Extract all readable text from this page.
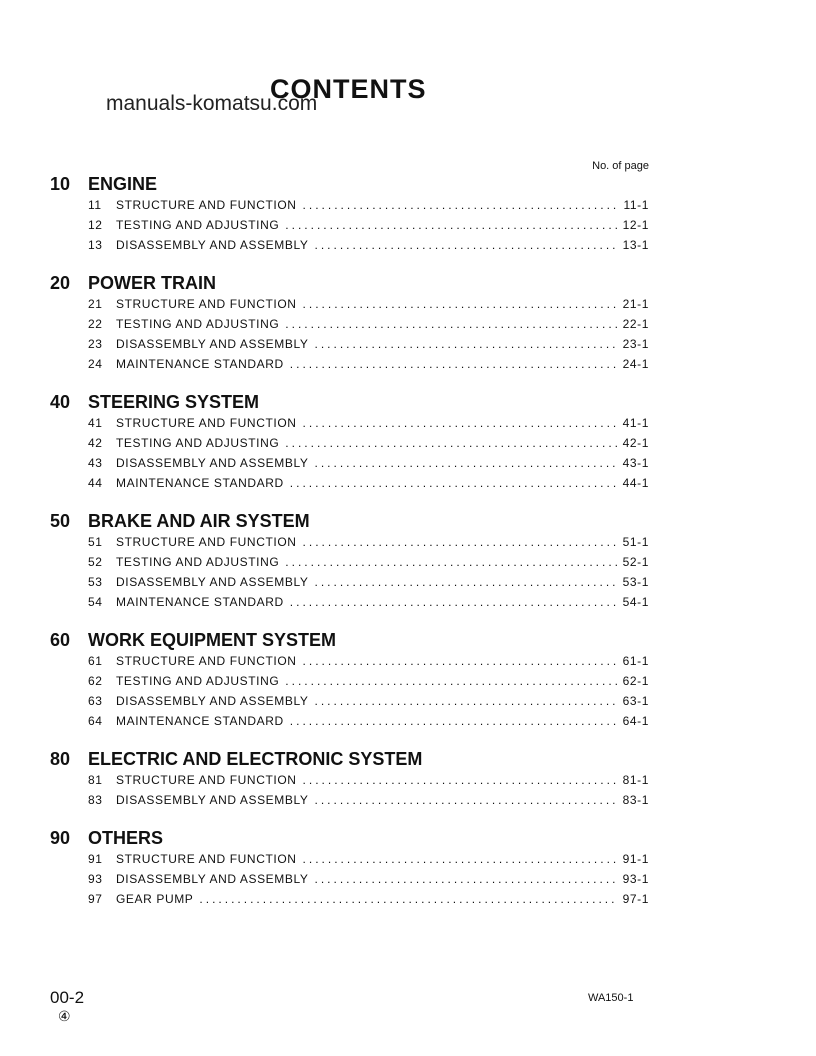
CONTENTS
manuals-komatsu.com
No. of page
10 ENGINE
11	STRUCTURE AND FUNCTION .....	11-1
12	TESTING AND ADJUSTING .....	12-1
13	DISASSEMBLY AND ASSEMBLY .....	13-1
20 POWER TRAIN
21	STRUCTURE AND FUNCTION .....	21-1
22	TESTING AND ADJUSTING .....	22-1
23	DISASSEMBLY AND ASSEMBLY .....	23-1
24	MAINTENANCE STANDARD .....	24-1
40 STEERING SYSTEM
41	STRUCTURE AND FUNCTION .....	41-1
42	TESTING AND ADJUSTING .....	42-1
43	DISASSEMBLY AND ASSEMBLY .....	43-1
44	MAINTENANCE STANDARD .....	44-1
50 BRAKE AND AIR SYSTEM
51	STRUCTURE AND FUNCTION .....	51-1
52	TESTING AND ADJUSTING .....	52-1
53	DISASSEMBLY AND ASSEMBLY .....	53-1
54	MAINTENANCE STANDARD .....	54-1
60 WORK EQUIPMENT SYSTEM
61	STRUCTURE AND FUNCTION .....	61-1
62	TESTING AND ADJUSTING .....	62-1
63	DISASSEMBLY AND ASSEMBLY .....	63-1
64	MAINTENANCE STANDARD .....	64-1
80 ELECTRIC AND ELECTRONIC SYSTEM
81	STRUCTURE AND FUNCTION .....	81-1
83	DISASSEMBLY AND ASSEMBLY .....	83-1
90 OTHERS
91	STRUCTURE AND FUNCTION .....	91-1
93	DISASSEMBLY AND ASSEMBLY .....	93-1
97	GEAR PUMP .....	97-1
00-2
④
WA150-1
